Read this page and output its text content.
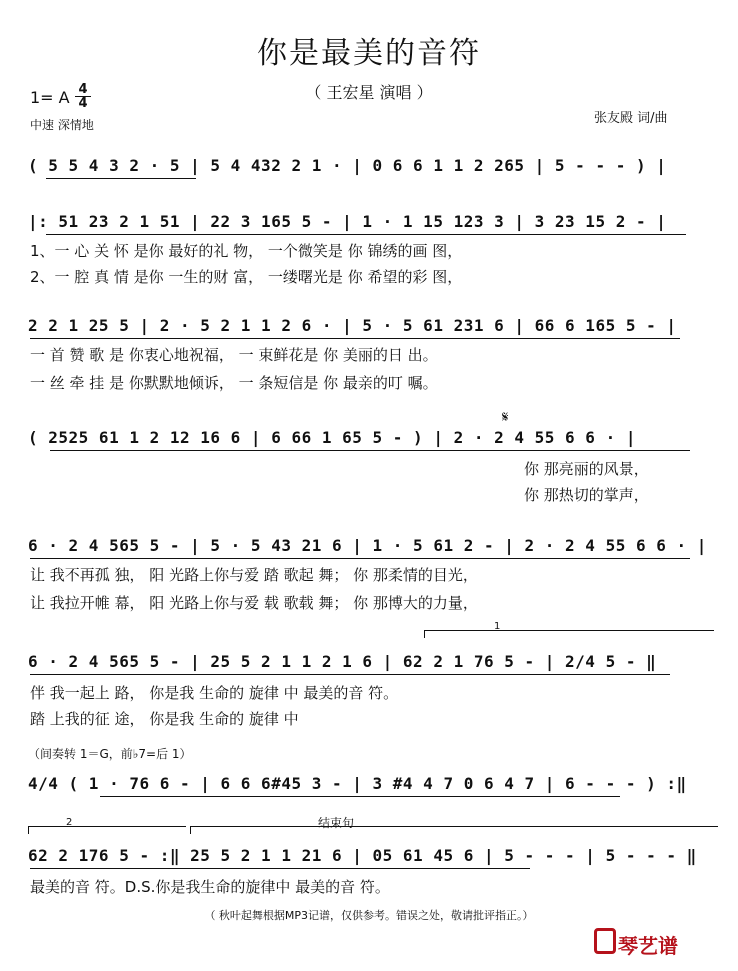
你是最美的音符
（ 王宏星 演唱 ）
1= A 4
4
中速 深情地	张友殿 词/曲
( 5 5 4 3 2 · 5 | 5 4 432 2 1 · | 0 6 6 1 1 2 265 | 5 - - - ) |
|: 51 23 2 1 51 | 22 3 165 5 - | 1 · 1 15 123 3 | 3 23 15 2 - |
1、一 心 关 怀 是你 最好的礼 物， 一个微笑是 你 锦绣的画 图，
2、一 腔 真 情 是你 一生的财 富， 一缕曙光是 你 希望的彩 图，
2 2 1 25 5 | 2 · 5 2 1 1 2 6 · | 5 · 5 61 231 6 | 66 6 165 5 - |
一 首 赞 歌 是 你衷心地祝福， 一 束鲜花是 你 美丽的日 出。
一 丝 牵 挂 是 你默默地倾诉， 一 条短信是 你 最亲的叮 嘱。
𝄋
( 2525 61 1 2 12 16 6 | 6 66 1 65 5 - ) | 2 · 2 4 55 6 6 · |
你 那亮丽的风景，
你 那热切的掌声，
6 · 2 4 565 5 - | 5 · 5 43 21 6 | 1 · 5 61 2 - | 2 · 2 4 55 6 6 · |
让 我不再孤 独， 阳 光路上你与爱 踏 歌起 舞； 你 那柔情的目光，
让 我拉开帷 幕， 阳 光路上你与爱 载 歌载 舞； 你 那博大的力量，
1
6 · 2 4 565 5 - | 25 5 2 1 1 2 1 6 | 62 2 1 76 5 - | 2/4 5 - ‖
伴 我一起上 路， 你是我 生命的 旋律 中 最美的音 符。
踏 上我的征 途， 你是我 生命的 旋律 中
（间奏转 1＝G，前♭7=后 1）
4/4 ( 1 · 76 6 - | 6 6 6#45 3 - | 3 #4 4 7 0 6 4 7 | 6 - - - ) :‖
2	结束句
62 2 176 5 - :‖ 25 5 2 1 1 21 6 | 05 61 45 6 | 5 - - - | 5 - - - ‖
最美的音 符。D.S.你是我生命的旋律中 最美的音 符。
（ 秋叶起舞根据MP3记谱，仅供参考。错误之处，敬请批评指正。）
琴艺谱
